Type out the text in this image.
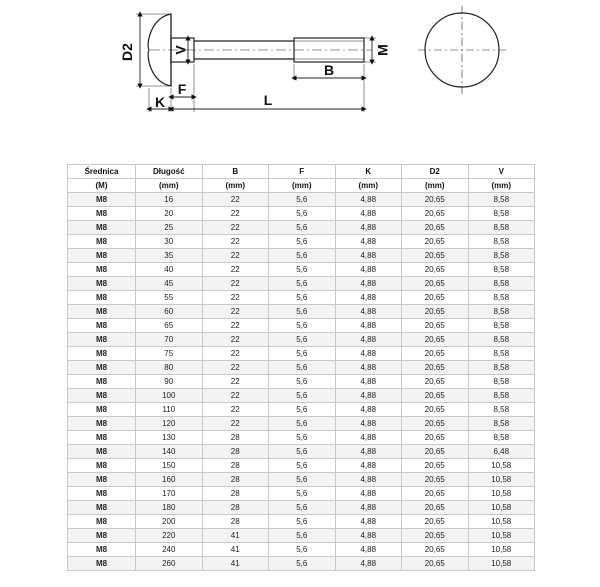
D2	V	M
B
K
F
L
Średnica	Długość	B	F	K	D2	V
(M)	(mm)	(mm)	(mm)	(mm)	(mm)	(mm)
M8	16	22	5,6	4,88	20,65	8,58
M8	20	22	5,6	4,88	20,65	8,58
M8	25	22	5,6	4,88	20,65	8,58
M8	30	22	5,6	4,88	20,65	8,58
M8	35	22	5,6	4,88	20,65	8,58
M8	40	22	5,6	4,88	20,65	8,58
M8	45	22	5,6	4,88	20,65	8,58
M8	55	22	5,6	4,88	20,65	8,58
M8	60	22	5,6	4,88	20,65	8,58
M8	65	22	5,6	4,88	20,65	8,58
M8	70	22	5,6	4,88	20,65	8,58
M8	75	22	5,6	4,88	20,65	8,58
M8	80	22	5,6	4,88	20,65	8,58
M8	90	22	5,6	4,88	20,65	8,58
M8	100	22	5,6	4,88	20,65	8,58
M8	110	22	5,6	4,88	20,65	8,58
M8	120	22	5,6	4,88	20,65	8,58
M8	130	28	5,6	4,88	20,65	8,58
M8	140	28	5,6	4,88	20,65	6,48
M8	150	28	5,6	4,88	20,65	10,58
M8	160	28	5,6	4,88	20,65	10,58
M8	170	28	5,6	4,88	20,65	10,58
M8	180	28	5,6	4,88	20,65	10,58
M8	200	28	5,6	4,88	20,65	10,58
M8	220	41	5,6	4,88	20,65	10,58
M8	240	41	5,6	4,88	20,65	10,58
M8	260	41	5,6	4,88	20,65	10,58
